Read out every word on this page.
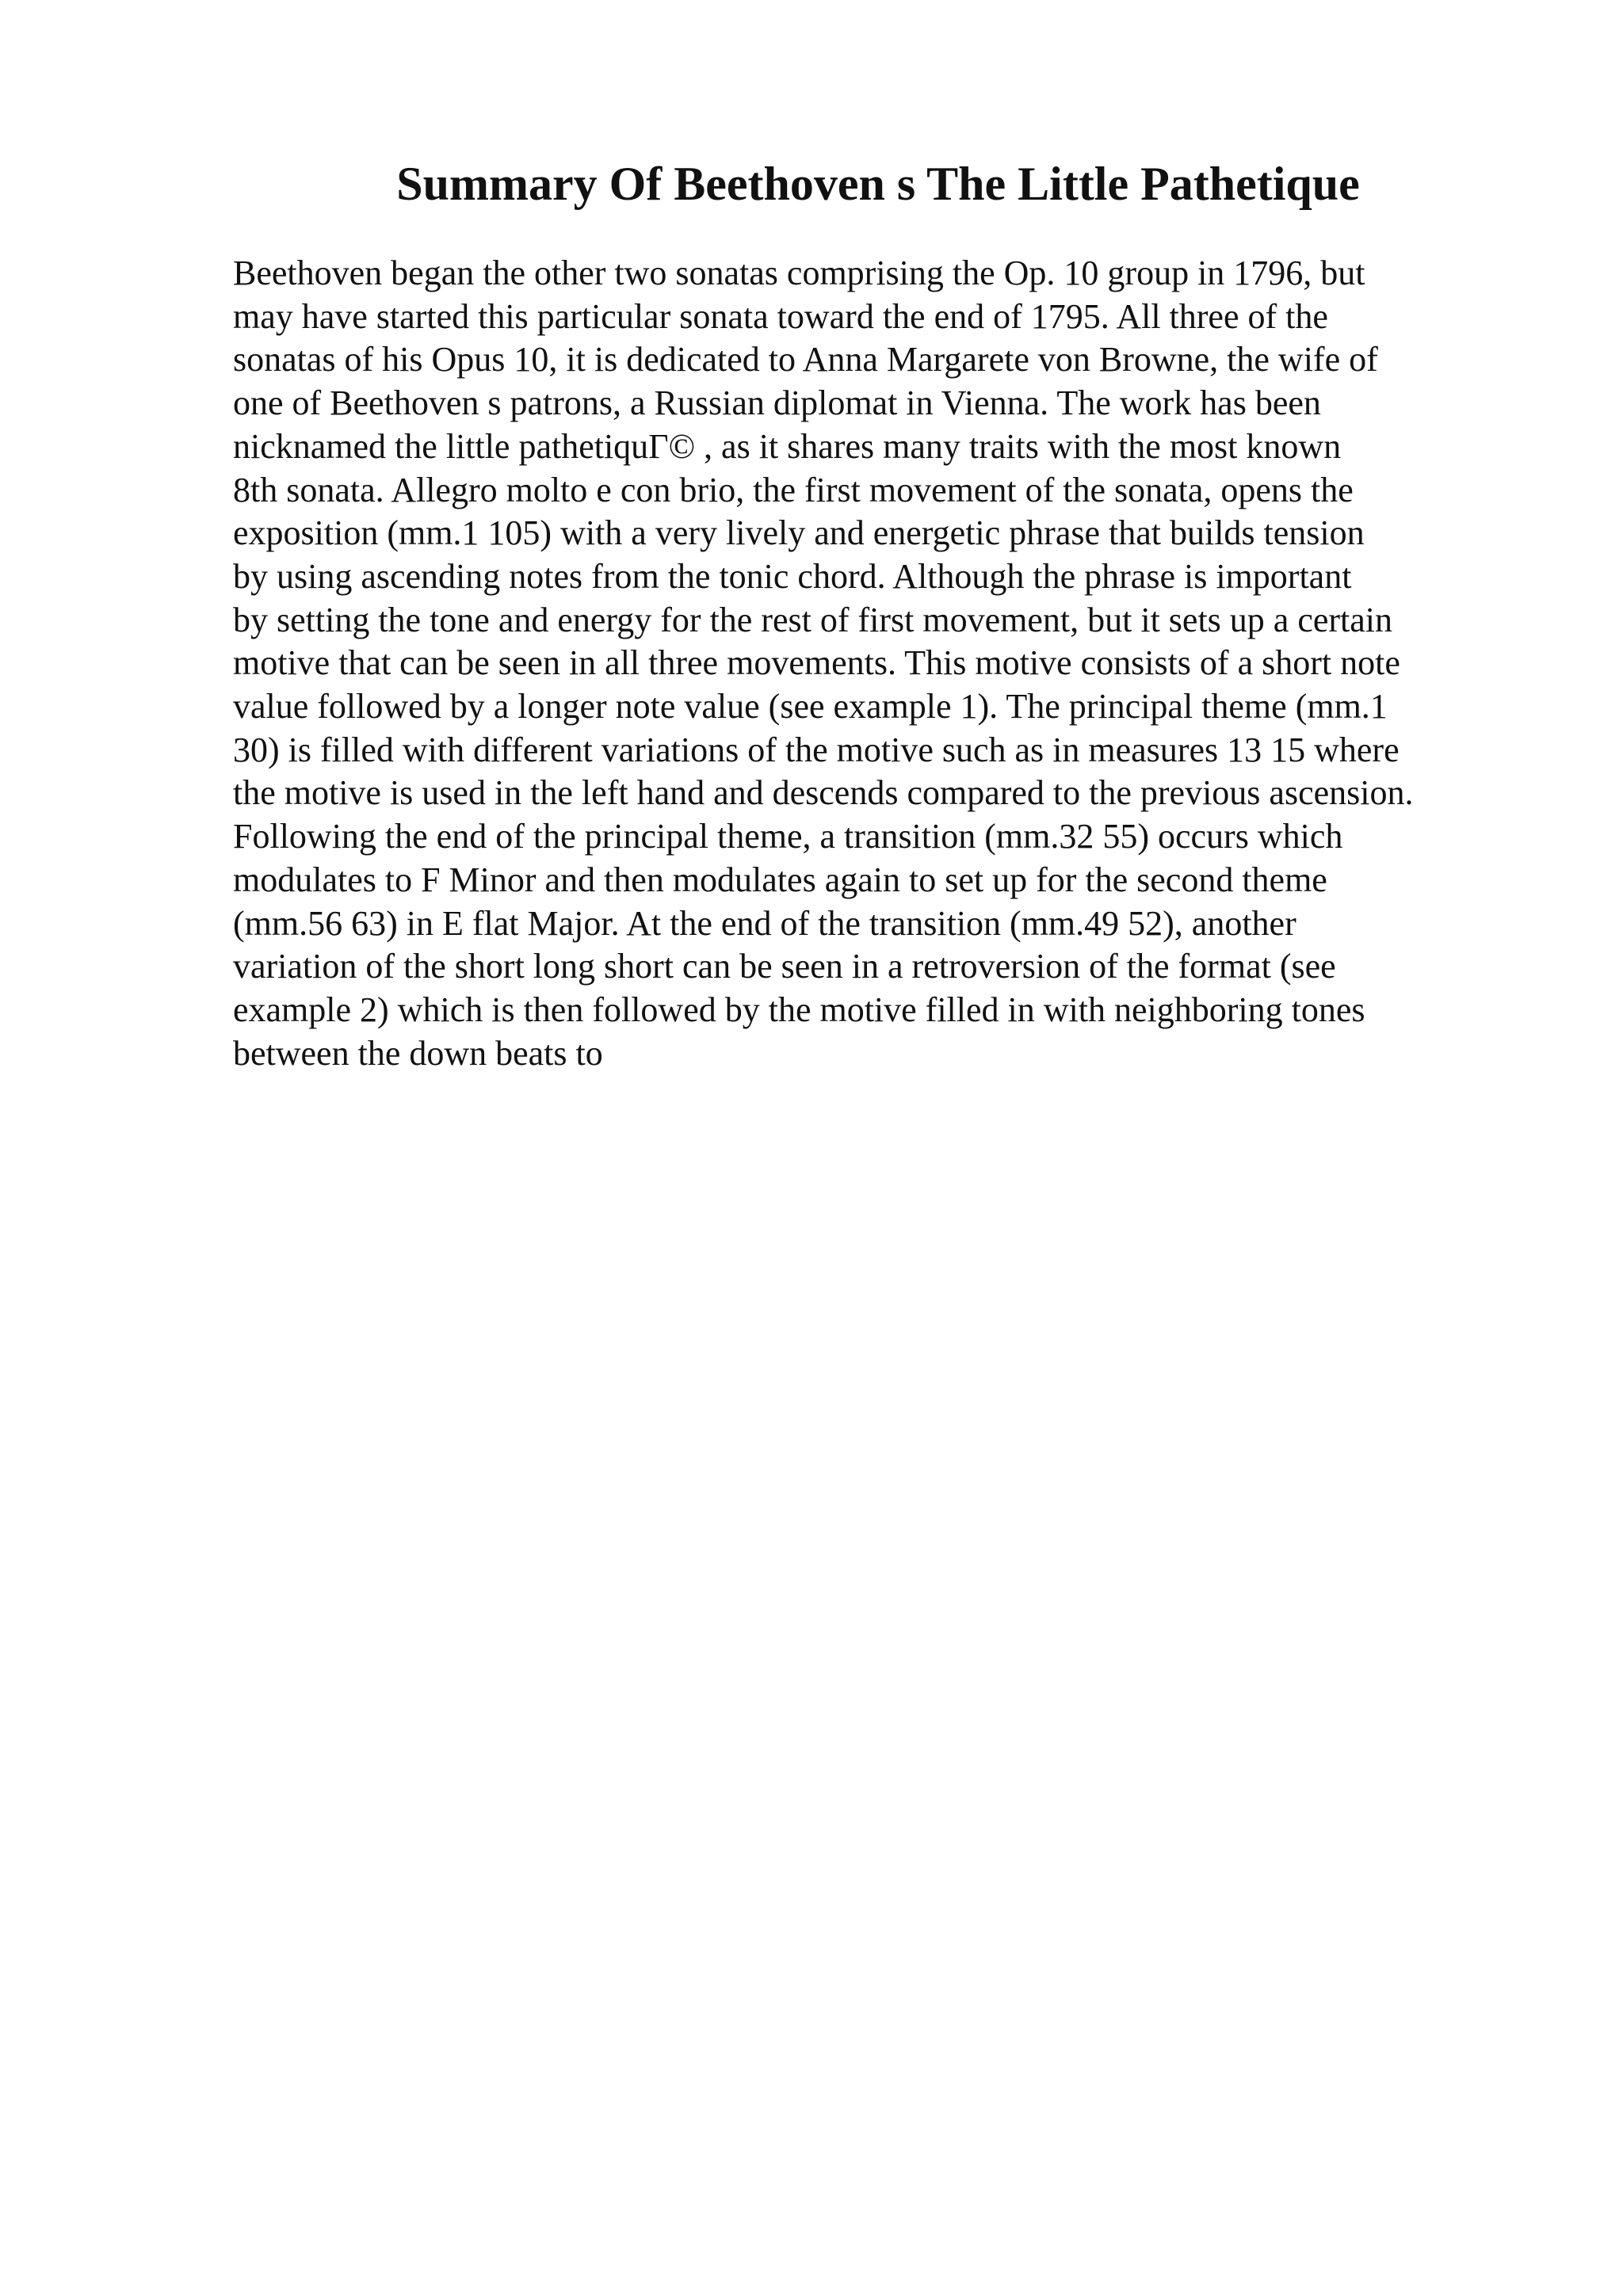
Summary Of Beethoven s The Little Pathetique

Beethoven began the other two sonatas comprising the Op. 10 group in 1796, but

may have started this particular sonata toward the end of 1795. All three of the

sonatas of his Opus 10, it is dedicated to Anna Margarete von Browne, the wife of

one of Beethoven s patrons, a Russian diplomat in Vienna. The work has been

nicknamed the little pathetiquΓ© , as it shares many traits with the most known

8th sonata. Allegro molto e con brio, the first movement of the sonata, opens the

exposition (mm.1 105) with a very lively and energetic phrase that builds tension

by using ascending notes from the tonic chord. Although the phrase is important

by setting the tone and energy for the rest of first movement, but it sets up a certain

motive that can be seen in all three movements. This motive consists of a short note

value followed by a longer note value (see example 1). The principal theme (mm.1

30) is filled with different variations of the motive such as in measures 13 15 where

the motive is used in the left hand and descends compared to the previous ascension.

Following the end of the principal theme, a transition (mm.32 55) occurs which

modulates to F Minor and then modulates again to set up for the second theme

(mm.56 63) in E flat Major. At the end of the transition (mm.49 52), another

variation of the short long short can be seen in a retroversion of the format (see

example 2) which is then followed by the motive filled in with neighboring tones

between the down beats to
